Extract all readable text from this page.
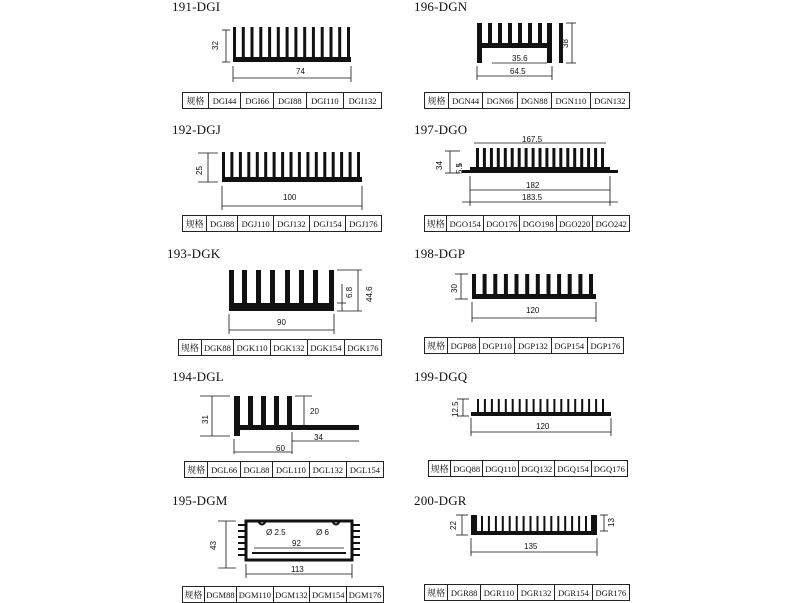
191-DGI	196-DGN
192-DGJ	197-DGO
193-DGK	198-DGP
194-DGL	199-DGQ
195-DGM	200-DGR
32
74
38
35.6
64.5
25
100
167.5
34 5.5
182
183.5
6.8 44.6
90
30
120
31
20
34
60
12.5
120
43
Ø 2.5	Ø 6
92
113
22	13
135
规格	DGI44	DGI66	DGI88	DGI110	DGI132	规格	DGN44	DGN66	DGN88	DGN110	DGN132
规格	DGJ88	DGJ110	DGJ132	DGJ154	DGJ176	规格	DGO154	DGO176	DGO198	DGO220	DGO242
规格	DGK88	DGK110	DGK132	DGK154	DGK176	规格	DGP88	DGP110	DGP132	DGP154	DGP176
规格	DGL66	DGL88	DGL110	DGL132	DGL154	规格	DGQ88	DGQ110	DGQ132	DGQ154	DGQ176
规格	DGM88	DGM110	DGM132	DGM154	DGM176	规格	DGR88	DGR110	DGR132	DGR154	DGR176
